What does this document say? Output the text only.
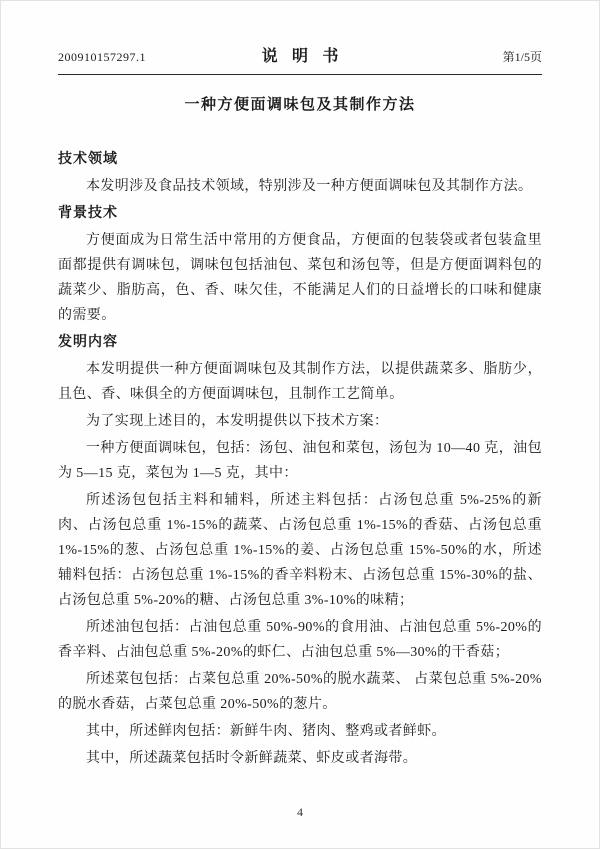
200910157297.1	说明书	第1/5页
一种方便面调味包及其制作方法
技术领域

本发明涉及食品技术领域，特别涉及一种方便面调味包及其制作方法。

背景技术

方便面成为日常生活中常用的方便食品，方便面的包装袋或者包装盒里面都提供有调味包，调味包包括油包、菜包和汤包等，但是方便面调料包的蔬菜少、脂肪高，色、香、味欠佳，不能满足人们的日益增长的口味和健康的需要。

发明内容

本发明提供一种方便面调味包及其制作方法，以提供蔬菜多、脂肪少，且色、香、味俱全的方便面调味包，且制作工艺简单。

为了实现上述目的，本发明提供以下技术方案：

一种方便面调味包，包括：汤包、油包和菜包，汤包为 10—40 克，油包为 5—15 克，菜包为 1—5 克，其中：

所述汤包包括主料和辅料，所述主料包括：占汤包总重 5%-25%的新肉、占汤包总重 1%-15%的蔬菜、占汤包总重 1%-15%的香菇、占汤包总重 1%-15%的葱、占汤包总重 1%-15%的姜、占汤包总重 15%-50%的水，所述辅料包括：占汤包总重 1%-15%的香辛料粉末、占汤包总重 15%-30%的盐、占汤包总重 5%-20%的糖、占汤包总重 3%-10%的味精；

所述油包包括：占油包总重 50%-90%的食用油、占油包总重 5%-20%的香辛料、占油包总重 5%-20%的虾仁、占油包总重 5%—30%的干香菇；

所述菜包包括：占菜包总重 20%-50%的脱水蔬菜、 占菜包总重 5%-20%的脱水香菇，占菜包总重 20%-50%的葱片。

其中，所述鲜肉包括：新鲜牛肉、猪肉、整鸡或者鲜虾。

其中，所述蔬菜包括时令新鲜蔬菜、虾皮或者海带。

4
